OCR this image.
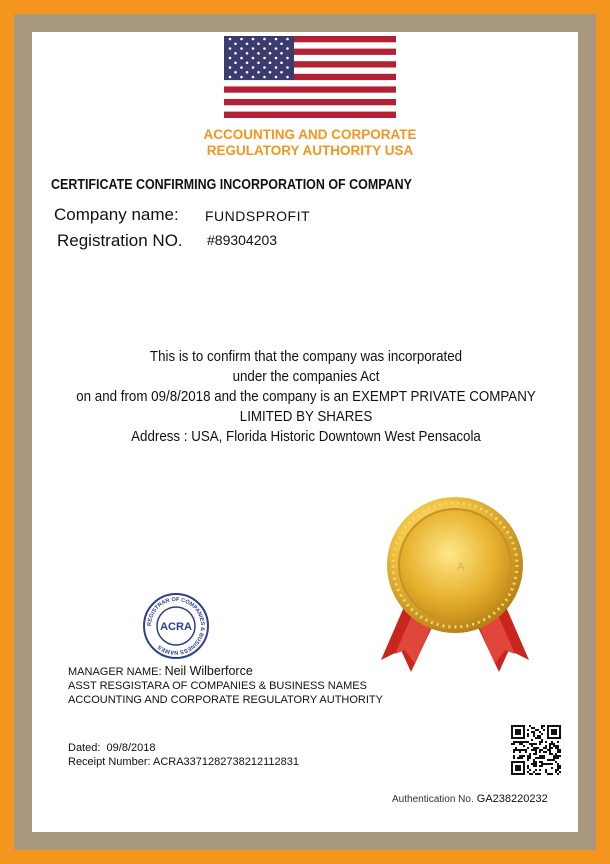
ACCOUNTING AND CORPORATE
REGULATORY AUTHORITY USA
CERTIFICATE CONFIRMING INCORPORATION OF COMPANY
Company name: FUNDSPROFIT
Registration NO. #89304203
This is to confirm that the company was incorporated
under the companies Act
on and from 09/8/2018 and the company is an EXEMPT PRIVATE COMPANY
LIMITED BY SHARES
Address : USA, Florida Historic Downtown West Pensacola
A
REGISTRAR OF COMPANIES & BUSINESS NAMES
ACRA
MANAGER NAME: Neil Wilberforce
ASST RESGISTARA OF COMPANIES & BUSINESS NAMES
ACCOUNTING AND CORPORATE REGULATORY AUTHORITY
Dated: 09/8/2018
Receipt Number: ACRA3371282738212112831
Authentication No. GA238220232
